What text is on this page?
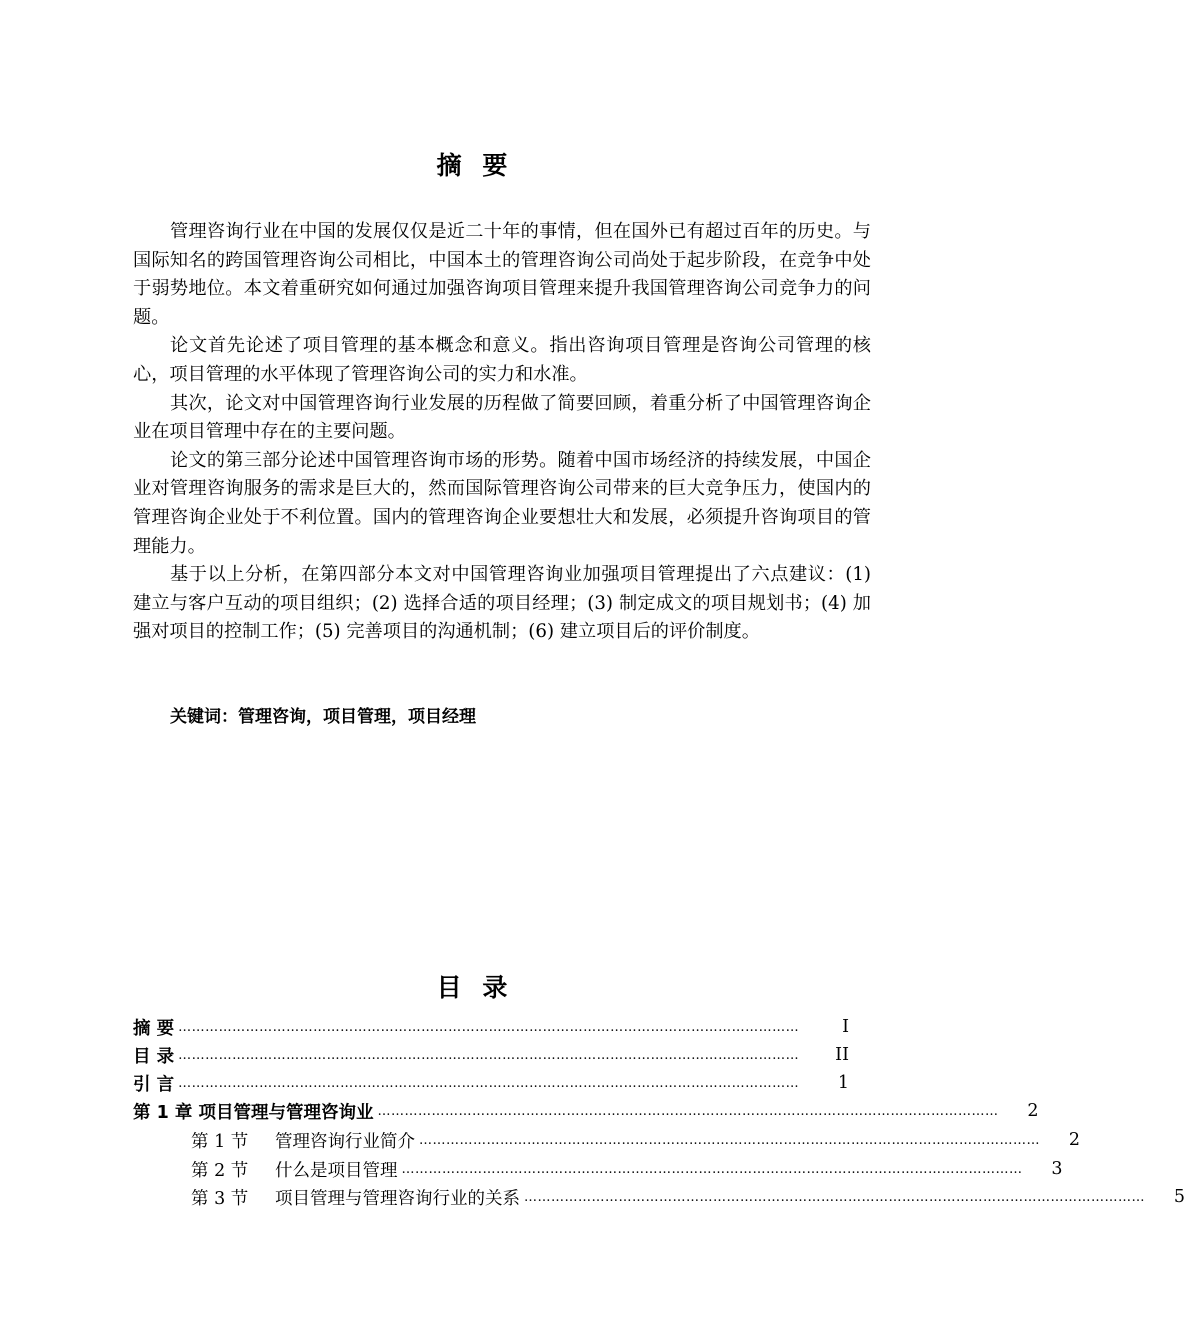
摘 要

管理咨询行业在中国的发展仅仅是近二十年的事情，但在国外已有超过百年的历史。与国际知名的跨国管理咨询公司相比，中国本土的管理咨询公司尚处于起步阶段，在竞争中处于弱势地位。本文着重研究如何通过加强咨询项目管理来提升我国管理咨询公司竞争力的问题。

论文首先论述了项目管理的基本概念和意义。指出咨询项目管理是咨询公司管理的核心，项目管理的水平体现了管理咨询公司的实力和水准。

其次，论文对中国管理咨询行业发展的历程做了简要回顾，着重分析了中国管理咨询企业在项目管理中存在的主要问题。

论文的第三部分论述中国管理咨询市场的形势。随着中国市场经济的持续发展，中国企业对管理咨询服务的需求是巨大的，然而国际管理咨询公司带来的巨大竞争压力，使国内的管理咨询企业处于不利位置。国内的管理咨询企业要想壮大和发展，必须提升咨询项目的管理能力。

基于以上分析，在第四部分本文对中国管理咨询业加强项目管理提出了六点建议：(1) 建立与客户互动的项目组织；(2) 选择合适的项目经理；(3) 制定成文的项目规划书；(4) 加强对项目的控制工作；(5) 完善项目的沟通机制；(6) 建立项目后的评价制度。

关键词：管理咨询，项目管理，项目经理
目 录
摘 要 …………………………………………………………………………………………………………………………	I
目 录 …………………………………………………………………………………………………………………………	II
引 言 …………………………………………………………………………………………………………………………	1
第 1 章 项目管理与管理咨询业 …………………………………………………………………………………………………………………………	2
第 1 节 管理咨询行业简介 …………………………………………………………………………………………………………………………	2
第 2 节 什么是项目管理 …………………………………………………………………………………………………………………………	3
第 3 节 项目管理与管理咨询行业的关系 …………………………………………………………………………………………………………………………	5
